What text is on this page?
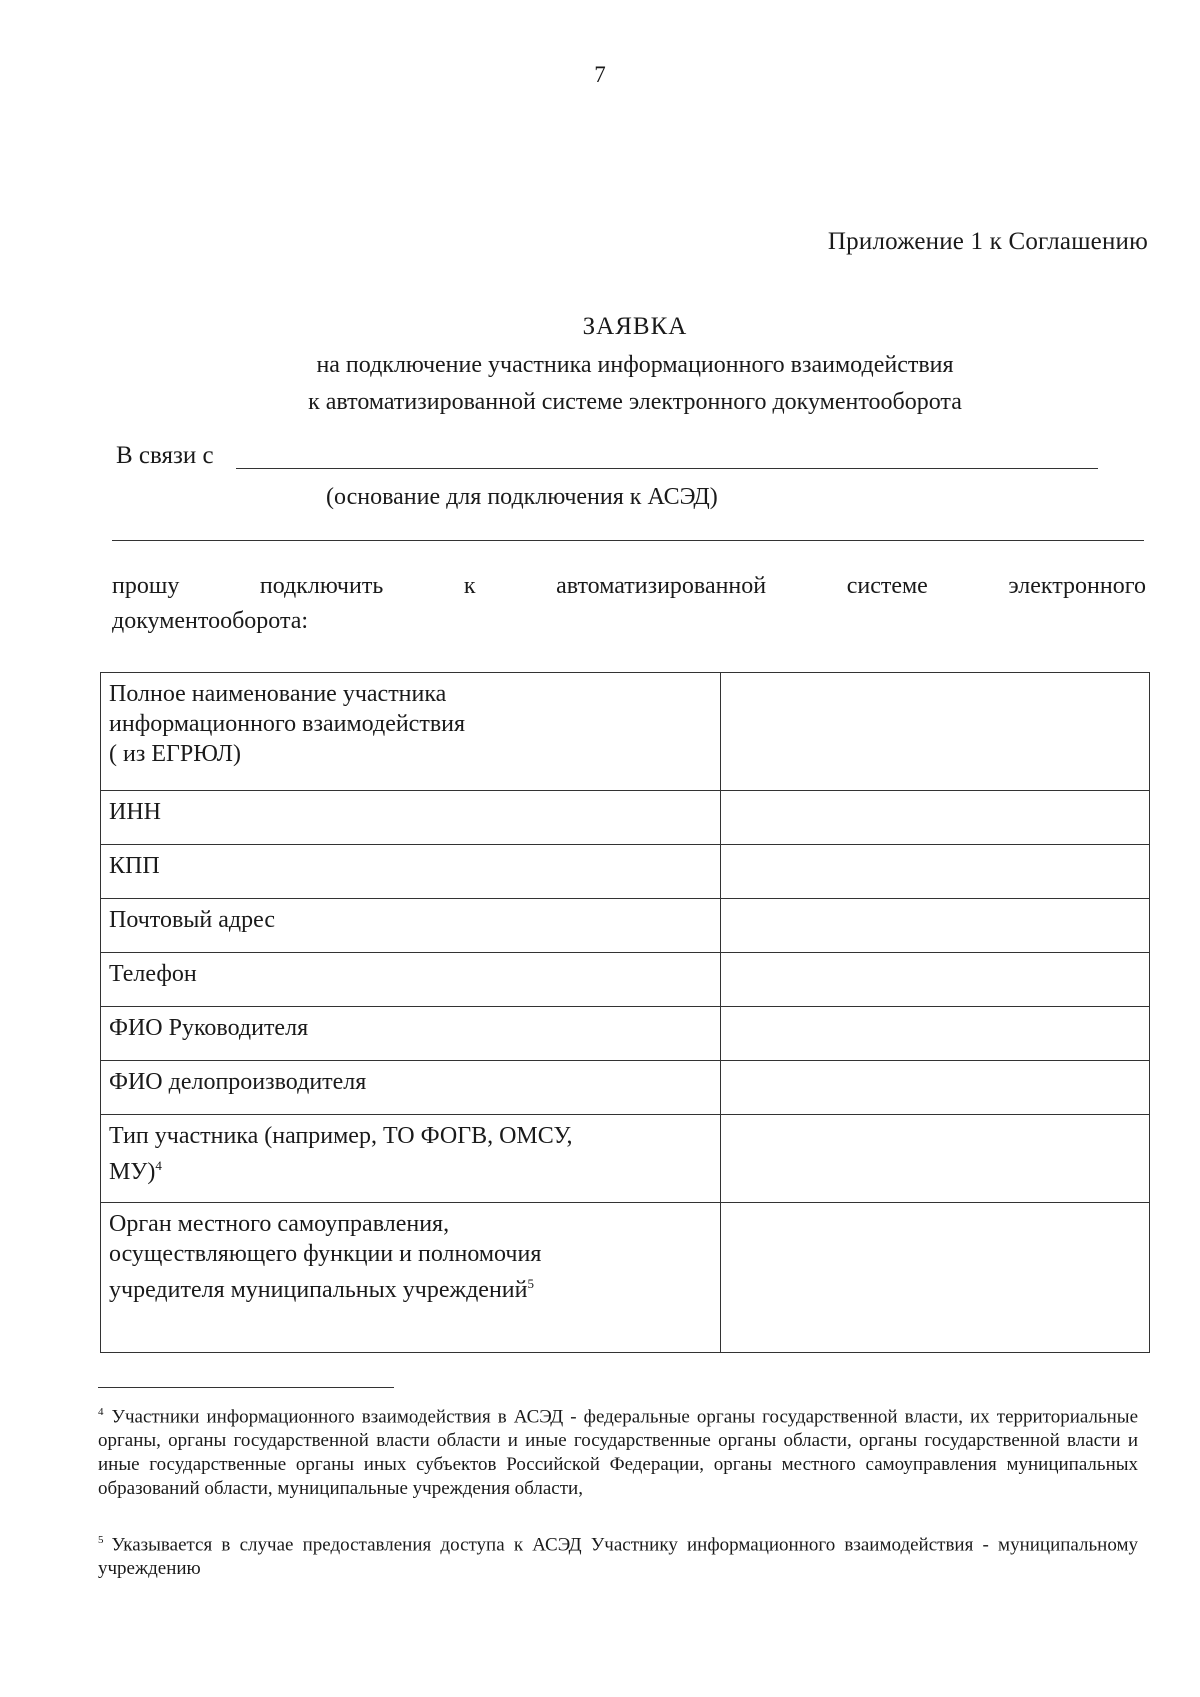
7
Приложение 1 к Соглашению
ЗАЯВКА
на подключение участника информационного взаимодействия
к автоматизированной системе электронного документооборота
В связи с
(основание для подключения к АСЭД)
прошу	подключить	к	автоматизированной	системе	электронного
документооборота:
Полное наименование участника
информационного взаимодействия
( из ЕГРЮЛ)	

ИНН	

КПП	

Почтовый адрес	

Телефон	

ФИО Руководителя	

ФИО делопроизводителя	

Тип участника (например, ТО ФОГВ, ОМСУ,
МУ)$^4$

Орган местного самоуправления,
осуществляющего функции и полномочия
учредителя муниципальных учреждений$^5$

$^4$ Участники информационного взаимодействия в АСЭД - федеральные органы государственной власти, их территориальные органы, органы государственной власти области и иные государственные органы области, органы государственной власти и иные государственные органы иных субъектов Российской Федерации, органы местного самоуправления муниципальных образований области, муниципальные учреждения области,
$^5$ Указывается в случае предоставления доступа к АСЭД Участнику информационного взаимодействия - муниципальному учреждению
